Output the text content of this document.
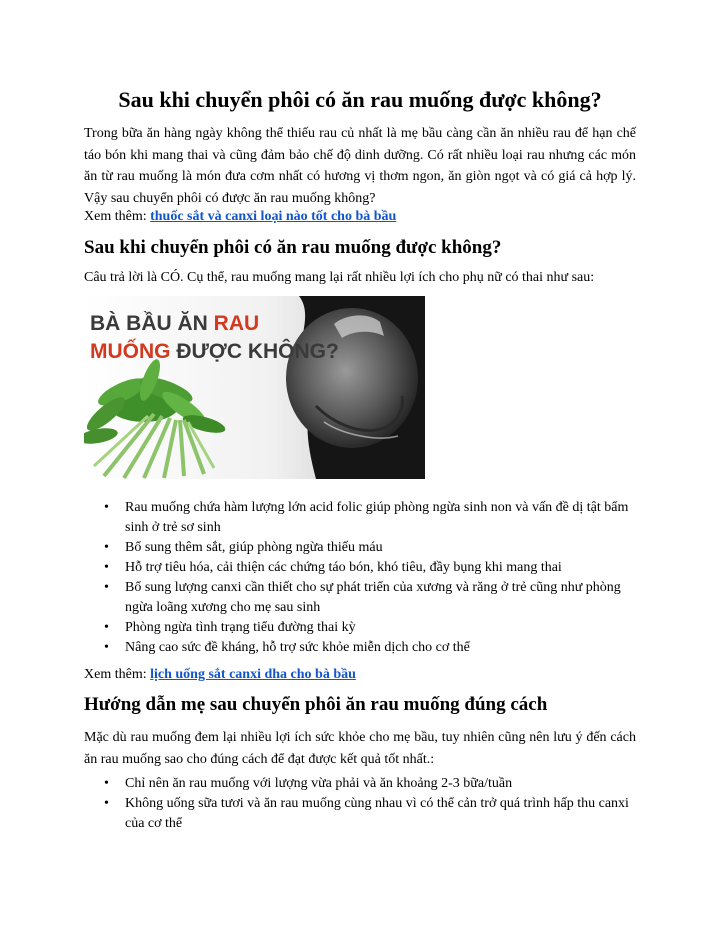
Sau khi chuyển phôi có ăn rau muống được không?

Trong bữa ăn hàng ngày không thể thiếu rau củ nhất là mẹ bầu càng cần ăn nhiều rau để hạn chế táo bón khi mang thai và cũng đảm bảo chế độ dinh dưỡng. Có rất nhiều loại rau nhưng các món ăn từ rau muống là món đưa cơm nhất có hương vị thơm ngon, ăn giòn ngọt và có giá cả hợp lý. Vậy sau chuyển phôi có được ăn rau muống không?

Xem thêm: thuốc sắt và canxi loại nào tốt cho bà bầu

Sau khi chuyển phôi có ăn rau muống được không?

Câu trả lời là CÓ. Cụ thể, rau muống mang lại rất nhiều lợi ích cho phụ nữ có thai như sau:

BÀ BẦU ĂN RAU
MUỐNG ĐƯỢC KHÔNG?
• Rau muống chứa hàm lượng lớn acid folic giúp phòng ngừa sinh non và vấn đề dị tật bẩm sinh ở trẻ sơ sinh
• Bổ sung thêm sắt, giúp phòng ngừa thiếu máu
• Hỗ trợ tiêu hóa, cải thiện các chứng táo bón, khó tiêu, đầy bụng khi mang thai
• Bổ sung lượng canxi cần thiết cho sự phát triển của xương và răng ở trẻ cũng như phòng ngừa loãng xương cho mẹ sau sinh
• Phòng ngừa tình trạng tiểu đường thai kỳ
• Nâng cao sức đề kháng, hỗ trợ sức khỏe miễn dịch cho cơ thể

Xem thêm: lịch uống sắt canxi dha cho bà bầu

Hướng dẫn mẹ sau chuyển phôi ăn rau muống đúng cách

Mặc dù rau muống đem lại nhiều lợi ích sức khỏe cho mẹ bầu, tuy nhiên cũng nên lưu ý đến cách ăn rau muống sao cho đúng cách để đạt được kết quả tốt nhất.:

• Chỉ nên ăn rau muống với lượng vừa phải và ăn khoảng 2-3 bữa/tuần
• Không uống sữa tươi và ăn rau muống cùng nhau vì có thể cản trở quá trình hấp thu canxi của cơ thể
